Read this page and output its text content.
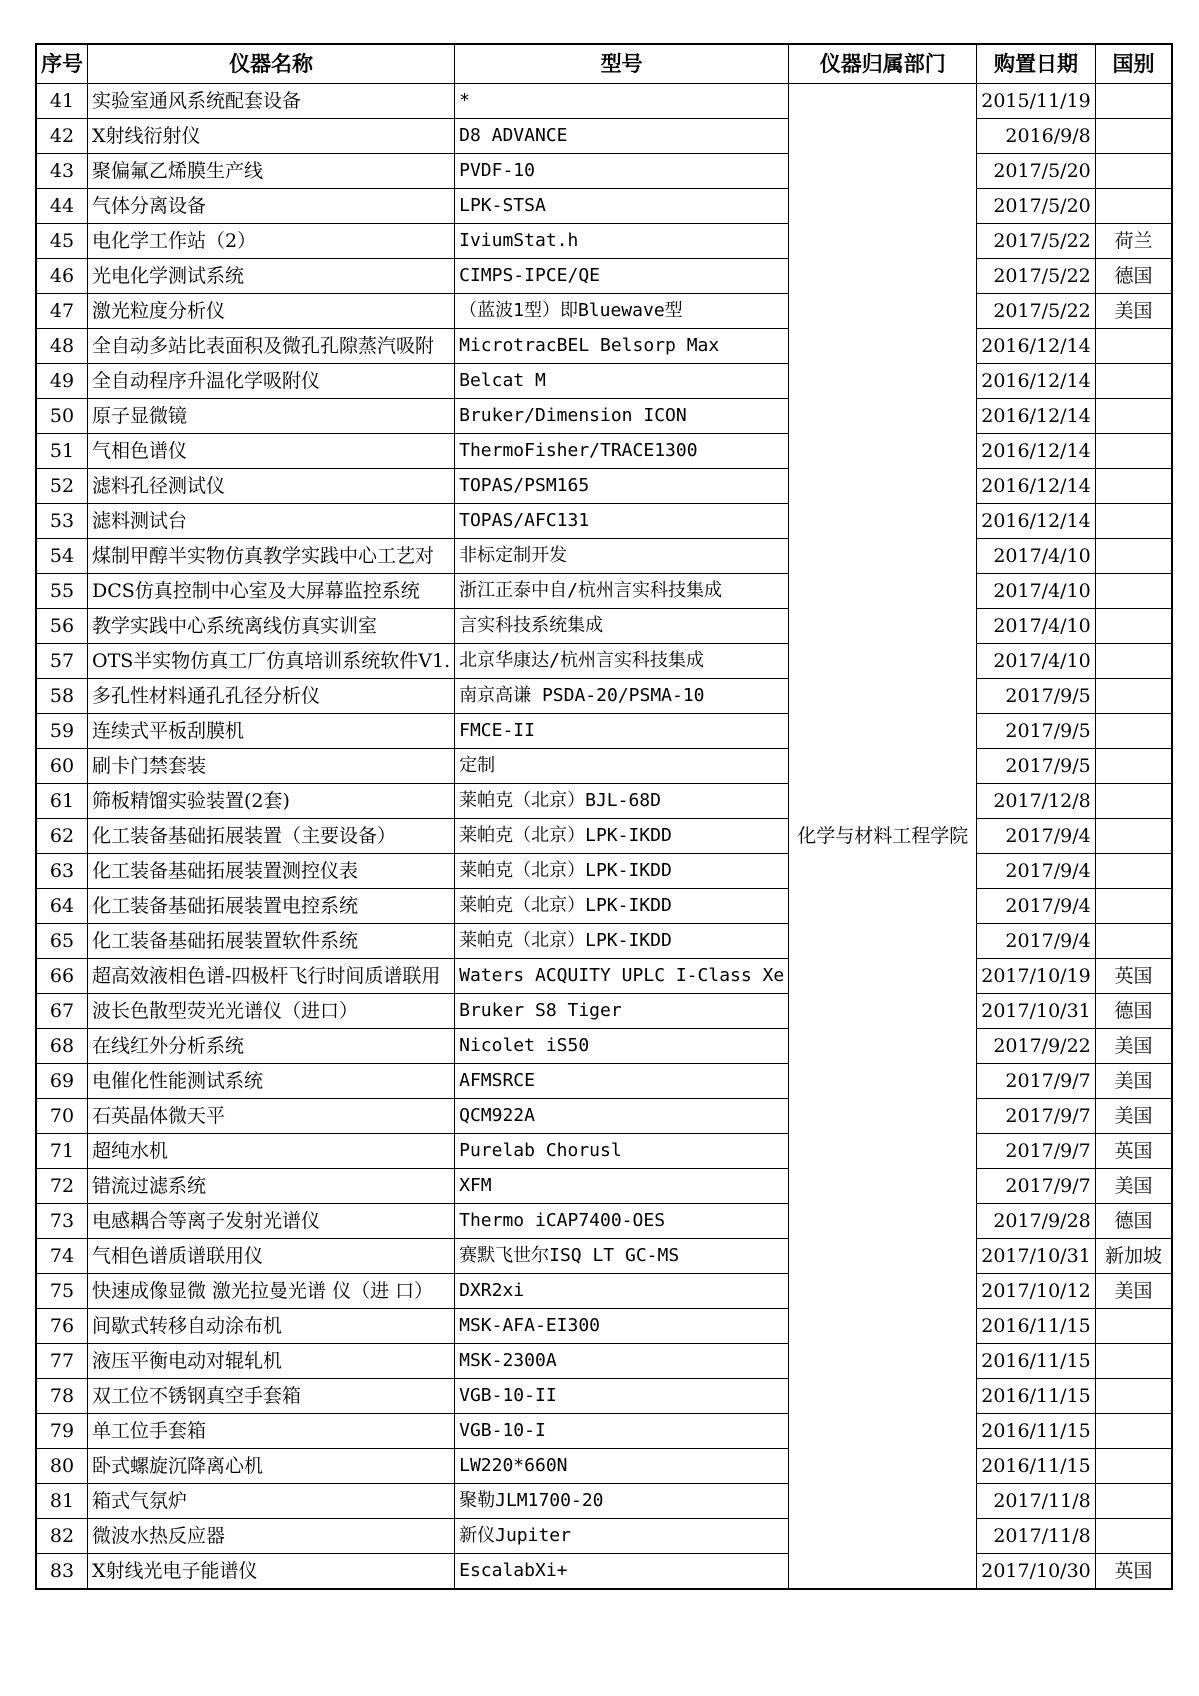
序号	仪器名称	型号	仪器归属部门	购置日期	国别
41	实验室通风系统配套设备	*	化学与材料工程学院	2015/11/19	
42	X射线衍射仪	D8 ADVANCE		2016/9/8	
43	聚偏氟乙烯膜生产线	PVDF-10		2017/5/20	
44	气体分离设备	LPK-STSA		2017/5/20	
45	电化学工作站（2）	IviumStat.h		2017/5/22	荷兰
46	光电化学测试系统	CIMPS-IPCE/QE		2017/5/22	德国
47	激光粒度分析仪	（蓝波1型）即Bluewave型		2017/5/22	美国
48	全自动多站比表面积及微孔孔隙蒸汽吸附	MicrotracBEL Belsorp Max		2016/12/14	
49	全自动程序升温化学吸附仪	Belcat M		2016/12/14	
50	原子显微镜	Bruker/Dimension ICON		2016/12/14	
51	气相色谱仪	ThermoFisher/TRACE1300		2016/12/14	
52	滤料孔径测试仪	TOPAS/PSM165		2016/12/14	
53	滤料测试台	TOPAS/AFC131		2016/12/14	
54	煤制甲醇半实物仿真教学实践中心工艺对	非标定制开发		2017/4/10	
55	DCS仿真控制中心室及大屏幕监控系统	浙江正泰中自/杭州言实科技集成		2017/4/10	
56	教学实践中心系统离线仿真实训室	言实科技系统集成		2017/4/10	
57	OTS半实物仿真工厂仿真培训系统软件V1.	北京华康达/杭州言实科技集成		2017/4/10	
58	多孔性材料通孔孔径分析仪	南京高谦 PSDA-20/PSMA-10		2017/9/5	
59	连续式平板刮膜机	FMCE-II		2017/9/5	
60	刷卡门禁套装	定制		2017/9/5	
61	筛板精馏实验装置(2套)	莱帕克（北京）BJL-68D		2017/12/8	
62	化工装备基础拓展装置（主要设备）	莱帕克（北京）LPK-IKDD		2017/9/4	
63	化工装备基础拓展装置测控仪表	莱帕克（北京）LPK-IKDD		2017/9/4	
64	化工装备基础拓展装置电控系统	莱帕克（北京）LPK-IKDD		2017/9/4	
65	化工装备基础拓展装置软件系统	莱帕克（北京）LPK-IKDD		2017/9/4	
66	超高效液相色谱-四极杆飞行时间质谱联用	Waters ACQUITY UPLC I-Class Xe		2017/10/19	英国
67	波长色散型荧光光谱仪（进口）	Bruker S8 Tiger		2017/10/31	德国
68	在线红外分析系统	Nicolet iS50		2017/9/22	美国
69	电催化性能测试系统	AFMSRCE		2017/9/7	美国
70	石英晶体微天平	QCM922A		2017/9/7	美国
71	超纯水机	Purelab Chorusl		2017/9/7	英国
72	错流过滤系统	XFM		2017/9/7	美国
73	电感耦合等离子发射光谱仪	Thermo iCAP7400-OES		2017/9/28	德国
74	气相色谱质谱联用仪	赛默飞世尔ISQ LT GC-MS		2017/10/31	新加坡
75	快速成像显微 激光拉曼光谱 仪（进 口）	DXR2xi		2017/10/12	美国
76	间歇式转移自动涂布机	MSK-AFA-EI300		2016/11/15	
77	液压平衡电动对辊轧机	MSK-2300A		2016/11/15	
78	双工位不锈钢真空手套箱	VGB-10-II		2016/11/15	
79	单工位手套箱	VGB-10-I		2016/11/15	
80	卧式螺旋沉降离心机	LW220*660N		2016/11/15	
81	箱式气氛炉	聚勒JLM1700-20		2017/11/8	
82	微波水热反应器	新仪Jupiter		2017/11/8	
83	X射线光电子能谱仪	EscalabXi+		2017/10/30	英国
